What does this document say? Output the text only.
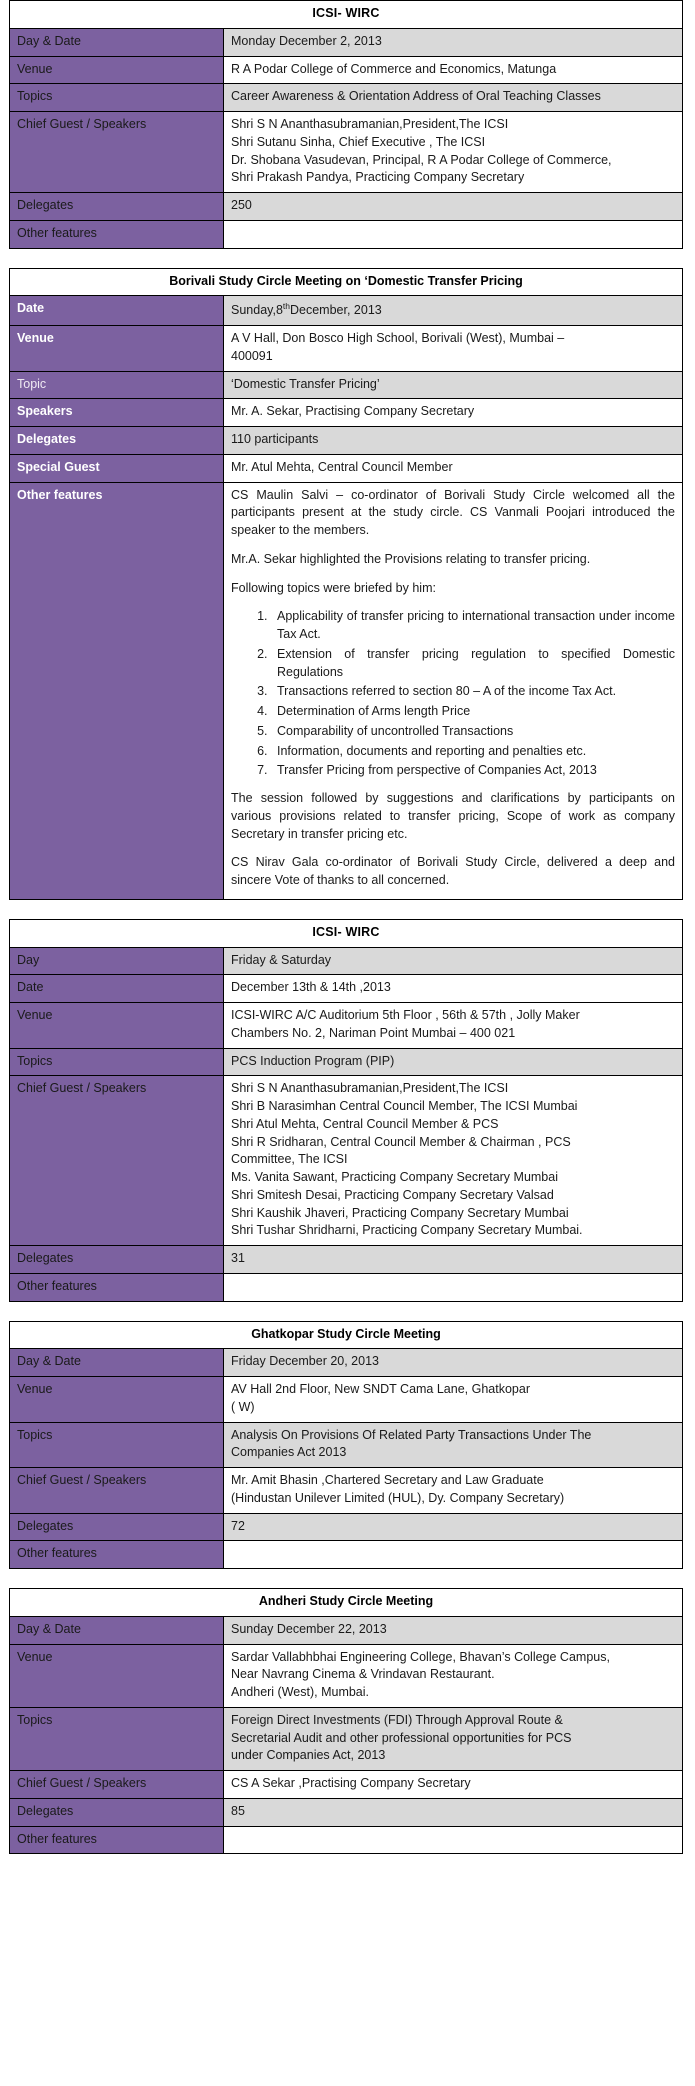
ICSI- WIRC	
Day & Date	Monday December 2, 2013

Venue	R A Podar College of Commerce and Economics, Matunga

Topics	Career Awareness & Orientation Address of Oral Teaching Classes

Chief Guest / Speakers	Shri S N Ananthasubramanian,President,The ICSI
Shri Sutanu Sinha, Chief Executive , The ICSI
Dr. Shobana Vasudevan, Principal, R A Podar College of Commerce,
Shri Prakash Pandya, Practicing Company Secretary

Delegates	250

Other features	

Borivali Study Circle Meeting on ‘Domestic Transfer Pricing	
Date	Sunday,8thDecember, 2013
Venue	A V Hall, Don Bosco High School, Borivali (West), Mumbai –
400091

Topic	‘Domestic Transfer Pricing’

Speakers	Mr. A. Sekar, Practising Company Secretary

Delegates	110 participants

Special Guest	Mr. Atul Mehta, Central Council Member

Other features	CS Maulin Salvi – co-ordinator of Borivali Study Circle welcomed all the participants present at the study circle. CS Vanmali Poojari introduced the speaker to the members.

Mr.A. Sekar highlighted the Provisions relating to transfer pricing.

Following topics were briefed by him:

1. Applicability of transfer pricing to international transaction under income Tax Act.
2. Extension of transfer pricing regulation to specified Domestic Regulations
3. Transactions referred to section 80 – A of the income Tax Act.
4. Determination of Arms length Price
5. Comparability of uncontrolled Transactions
6. Information, documents and reporting and penalties etc.
7. Transfer Pricing from perspective of Companies Act, 2013

The session followed by suggestions and clarifications by participants on various provisions related to transfer pricing, Scope of work as company Secretary in transfer pricing etc.

CS Nirav Gala co-ordinator of Borivali Study Circle, delivered a deep and sincere Vote of thanks to all concerned.

ICSI- WIRC	
Day	Friday & Saturday

Date	December 13th & 14th ,2013

Venue	ICSI-WIRC A/C Auditorium 5th Floor , 56th & 57th , Jolly Maker
Chambers No. 2, Nariman Point Mumbai – 400 021

Topics	PCS Induction Program (PIP)

Chief Guest / Speakers	Shri S N Ananthasubramanian,President,The ICSI
Shri B Narasimhan Central Council Member, The ICSI Mumbai
Shri Atul Mehta, Central Council Member & PCS
Shri R Sridharan, Central Council Member & Chairman , PCS
Committee, The ICSI
Ms. Vanita Sawant, Practicing Company Secretary Mumbai
Shri Smitesh Desai, Practicing Company Secretary Valsad
Shri Kaushik Jhaveri, Practicing Company Secretary Mumbai
Shri Tushar Shridharni, Practicing Company Secretary Mumbai.

Delegates	31

Other features	

Ghatkopar Study Circle Meeting	
Day & Date	Friday December 20, 2013

Venue	AV Hall 2nd Floor, New SNDT Cama Lane, Ghatkopar
( W)

Topics	Analysis On Provisions Of Related Party Transactions Under The
Companies Act 2013

Chief Guest / Speakers	Mr. Amit Bhasin ,Chartered Secretary and Law Graduate
(Hindustan Unilever Limited (HUL), Dy. Company Secretary)

Delegates	72

Other features	

Andheri Study Circle Meeting	
Day & Date	Sunday December 22, 2013

Venue	Sardar Vallabhbhai Engineering College, Bhavan’s College Campus,
Near Navrang Cinema & Vrindavan Restaurant.
Andheri (West), Mumbai.

Topics	Foreign Direct Investments (FDI) Through Approval Route &
Secretarial Audit and other professional opportunities for PCS
under Companies Act, 2013

Chief Guest / Speakers	CS A Sekar ,Practising Company Secretary

Delegates	85

Other features	
